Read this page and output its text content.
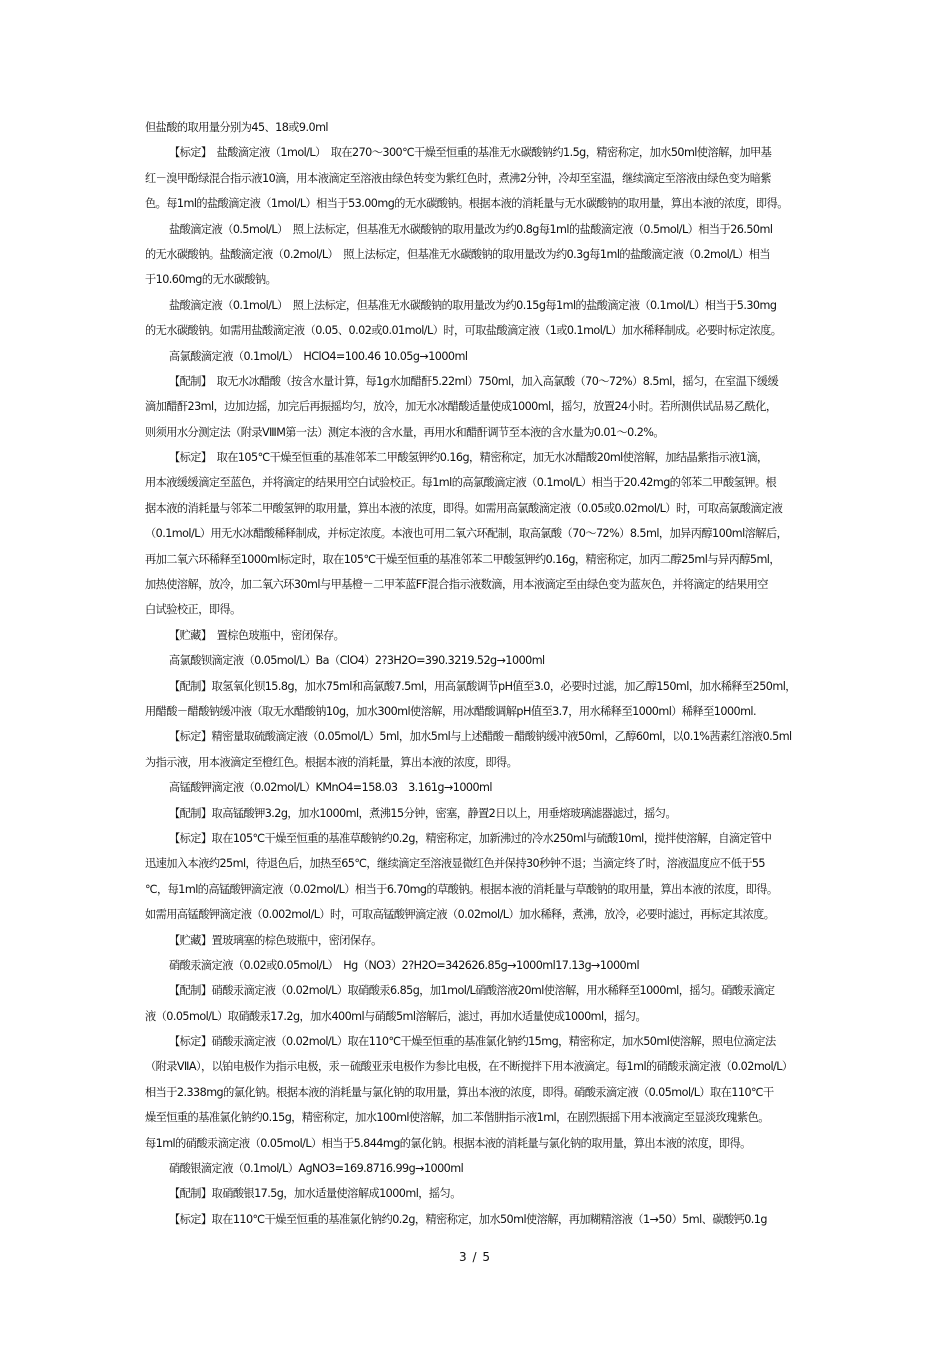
但盐酸的取用量分别为45、18或9.0ml
【标定】　盐酸滴定液（1mol/L）　取在270～300℃干燥至恒重的基准无水碳酸钠约1.5g，精密称定，加水50ml使溶解，加甲基
红－溴甲酚绿混合指示液10滴，用本液滴定至溶液由绿色转变为紫红色时，煮沸2分钟，冷却至室温，继续滴定至溶液由绿色变为暗紫
色。每1ml的盐酸滴定液（1mol/L）相当于53.00mg的无水碳酸钠。根据本液的消耗量与无水碳酸钠的取用量，算出本液的浓度，即得。
盐酸滴定液（0.5mol/L）　照上法标定，但基准无水碳酸钠的取用量改为约0.8g每1ml的盐酸滴定液（0.5mol/L）相当于26.50ml
的无水碳酸钠。盐酸滴定液（0.2mol/L）　照上法标定，但基准无水碳酸钠的取用量改为约0.3g每1ml的盐酸滴定液（0.2mol/L）相当
于10.60mg的无水碳酸钠。
盐酸滴定液（0.1mol/L）　照上法标定，但基准无水碳酸钠的取用量改为约0.15g每1ml的盐酸滴定液（0.1mol/L）相当于5.30mg
的无水碳酸钠。如需用盐酸滴定液（0.05、0.02或0.01mol/L）时，可取盐酸滴定液（1或0.1mol/L）加水稀释制成。必要时标定浓度。
高氯酸滴定液（0.1mol/L）　HClO4=100.46 10.05g→1000ml
【配制】　取无水冰醋酸（按含水量计算，每1g水加醋酐5.22ml）750ml，加入高氯酸（70～72%）8.5ml，摇匀，在室温下缓缓
滴加醋酐23ml，边加边摇，加完后再振摇均匀，放冷，加无水冰醋酸适量使成1000ml，摇匀，放置24小时。若所测供试品易乙酰化，
则须用水分测定法（附录ⅧM第一法）测定本液的含水量，再用水和醋酐调节至本液的含水量为0.01～0.2%。
【标定】　取在105℃干燥至恒重的基准邻苯二甲酸氢钾约0.16g，精密称定，加无水冰醋酸20ml使溶解，加结晶紫指示液1滴，
用本液缓缓滴定至蓝色，并将滴定的结果用空白试验校正。每1ml的高氯酸滴定液（0.1mol/L）相当于20.42mg的邻苯二甲酸氢钾。根
据本液的消耗量与邻苯二甲酸氢钾的取用量，算出本液的浓度，即得。如需用高氯酸滴定液（0.05或0.02mol/L）时，可取高氯酸滴定液
（0.1mol/L）用无水冰醋酸稀释制成，并标定浓度。本液也可用二氧六环配制，取高氯酸（70～72%）8.5ml，加异丙醇100ml溶解后，
再加二氧六环稀释至1000ml标定时，取在105℃干燥至恒重的基准邻苯二甲酸氢钾约0.16g，精密称定，加丙二醇25ml与异丙醇5ml，
加热使溶解，放冷，加二氧六环30ml与甲基橙－二甲苯蓝FF混合指示液数滴，用本液滴定至由绿色变为蓝灰色，并将滴定的结果用空
白试验校正，即得。
【贮藏】　置棕色玻瓶中，密闭保存。
高氯酸钡滴定液（0.05mol/L）Ba（ClO4）2?3H2O=390.3219.52g→1000ml
【配制】取氢氧化钡15.8g，加水75ml和高氯酸7.5ml，用高氯酸调节pH值至3.0，必要时过滤，加乙醇150ml，加水稀释至250ml，
用醋酸－醋酸钠缓冲液（取无水醋酸钠10g，加水300ml使溶解，用冰醋酸调解pH值至3.7，用水稀释至1000ml）稀释至1000ml.
【标定】精密量取硫酸滴定液（0.05mol/L）5ml，加水5ml与上述醋酸－醋酸钠缓冲液50ml，乙醇60ml，以0.1%茜素红溶液0.5ml
为指示液，用本液滴定至橙红色。根据本液的消耗量，算出本液的浓度，即得。
高锰酸钾滴定液（0.02mol/L）KMnO4=158.03　3.161g→1000ml
【配制】取高锰酸钾3.2g，加水1000ml，煮沸15分钟，密塞，静置2日以上，用垂熔玻璃滤器滤过，摇匀。
【标定】取在105℃干燥至恒重的基准草酸钠约0.2g，精密称定，加新沸过的冷水250ml与硫酸10ml，搅拌使溶解，自滴定管中
迅速加入本液约25ml，待退色后，加热至65℃，继续滴定至溶液显微红色并保持30秒钟不退；当滴定终了时，溶液温度应不低于55
℃，每1ml的高锰酸钾滴定液（0.02mol/L）相当于6.70mg的草酸钠。根据本液的消耗量与草酸钠的取用量，算出本液的浓度，即得。
如需用高锰酸钾滴定液（0.002mol/L）时，可取高锰酸钾滴定液（0.02mol/L）加水稀释，煮沸，放冷，必要时滤过，再标定其浓度。
【贮藏】置玻璃塞的棕色玻瓶中，密闭保存。
硝酸汞滴定液（0.02或0.05mol/L）　Hg（NO3）2?H2O=342626.85g→1000ml17.13g→1000ml
【配制】硝酸汞滴定液（0.02mol/L）取硝酸汞6.85g，加1mol/L硝酸溶液20ml使溶解，用水稀释至1000ml，摇匀。硝酸汞滴定
液（0.05mol/L）取硝酸汞17.2g，加水400ml与硝酸5ml溶解后，滤过，再加水适量使成1000ml，摇匀。
【标定】硝酸汞滴定液（0.02mol/L）取在110℃干燥至恒重的基准氯化钠约15mg，精密称定，加水50ml使溶解，照电位滴定法
（附录ⅦA），以铂电极作为指示电极，汞－硫酸亚汞电极作为参比电极，在不断搅拌下用本液滴定。每1ml的硝酸汞滴定液（0.02mol/L）
相当于2.338mg的氯化钠。根据本液的消耗量与氯化钠的取用量，算出本液的浓度，即得。硝酸汞滴定液（0.05mol/L）取在110℃干
燥至恒重的基准氯化钠约0.15g，精密称定，加水100ml使溶解，加二苯偕肼指示液1ml，在剧烈振摇下用本液滴定至显淡玫瑰紫色。
每1ml的硝酸汞滴定液（0.05mol/L）相当于5.844mg的氯化钠。根据本液的消耗量与氯化钠的取用量，算出本液的浓度，即得。
硝酸银滴定液（0.1mol/L）AgNO3=169.8716.99g→1000ml
【配制】取硝酸银17.5g，加水适量使溶解成1000ml，摇匀。
【标定】取在110℃干燥至恒重的基准氯化钠约0.2g，精密称定，加水50ml使溶解，再加糊精溶液（1→50）5ml、碳酸钙0.1g
3 / 5
